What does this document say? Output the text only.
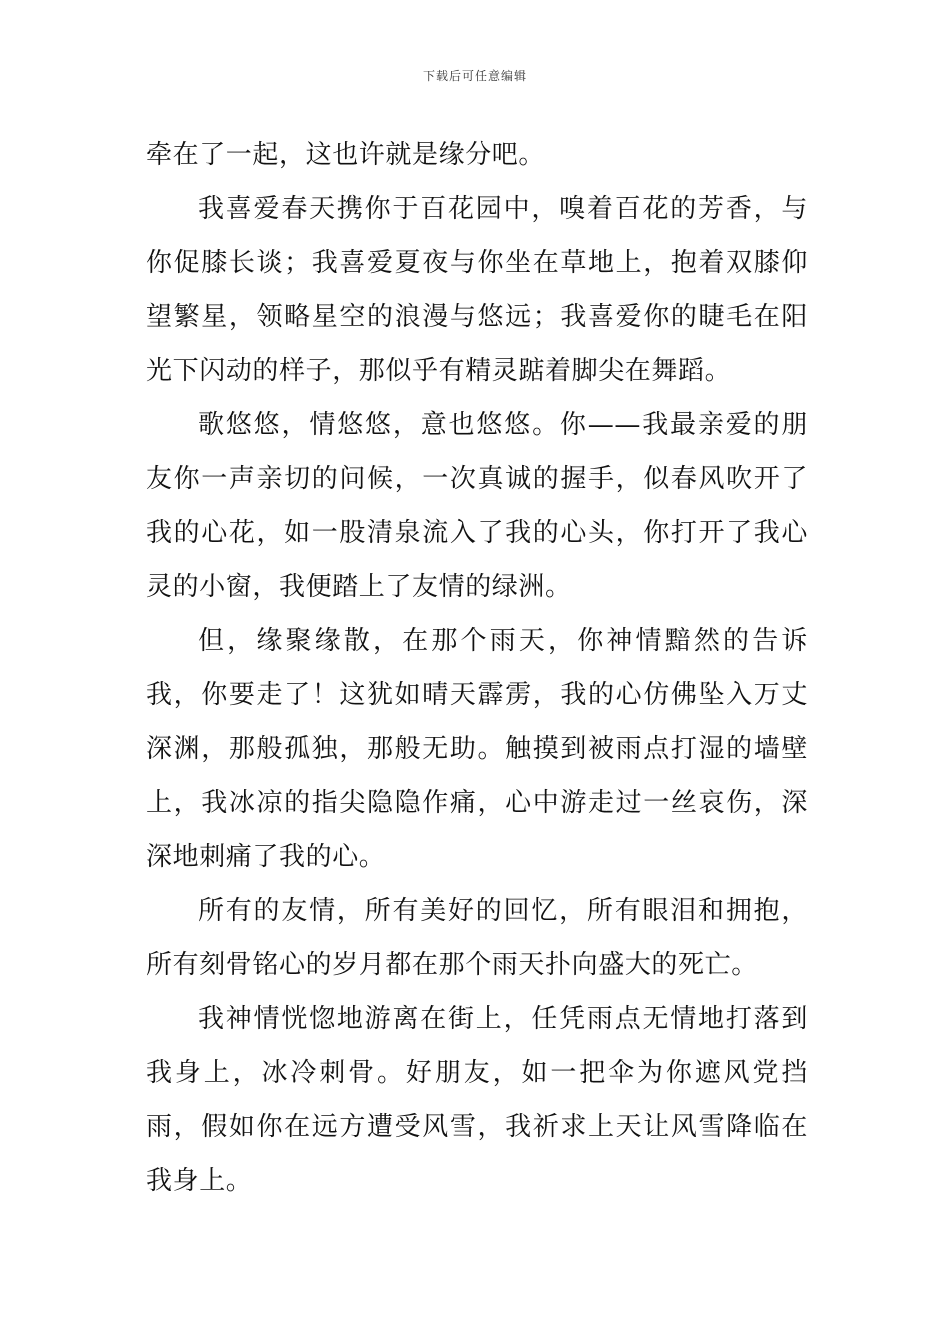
下载后可任意编辑

牵在了一起，这也许就是缘分吧。

我喜爱春天携你于百花园中，嗅着百花的芳香，与你促膝长谈；我喜爱夏夜与你坐在草地上，抱着双膝仰望繁星，领略星空的浪漫与悠远；我喜爱你的睫毛在阳光下闪动的样子，那似乎有精灵踮着脚尖在舞蹈。

歌悠悠，情悠悠，意也悠悠。你——我最亲爱的朋友你一声亲切的问候，一次真诚的握手，似春风吹开了我的心花，如一股清泉流入了我的心头，你打开了我心灵的小窗，我便踏上了友情的绿洲。

但，缘聚缘散，在那个雨天，你神情黯然的告诉我，你要走了！这犹如晴天霹雳，我的心仿佛坠入万丈深渊，那般孤独，那般无助。触摸到被雨点打湿的墙壁上，我冰凉的指尖隐隐作痛，心中游走过一丝哀伤，深深地刺痛了我的心。

所有的友情，所有美好的回忆，所有眼泪和拥抱，所有刻骨铭心的岁月都在那个雨天扑向盛大的死亡。

我神情恍惚地游离在街上，任凭雨点无情地打落到我身上，冰冷刺骨。好朋友，如一把伞为你遮风党挡雨，假如你在远方遭受风雪，我祈求上天让风雪降临在我身上。
